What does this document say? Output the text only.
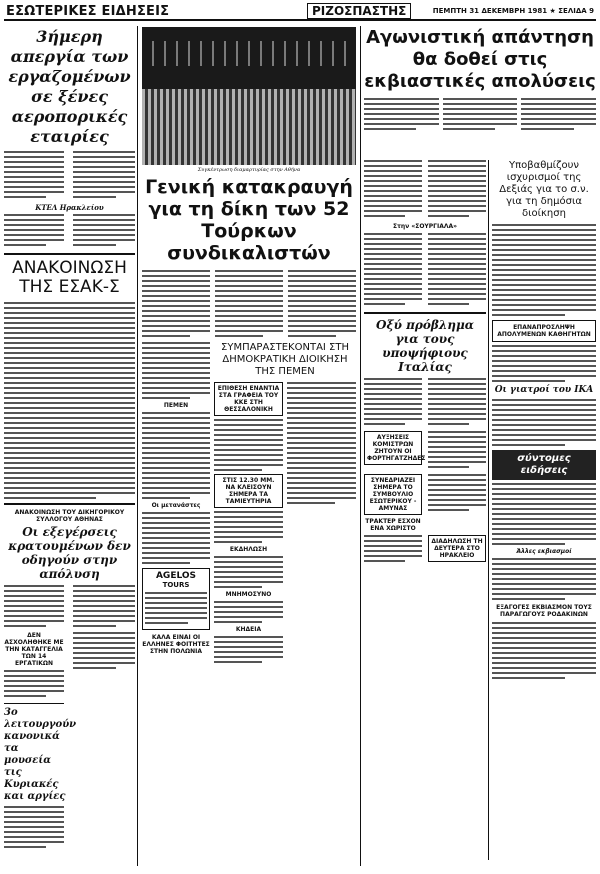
ΕΣΩΤΕΡΙΚΕΣ ΕΙΔΗΣΕΙΣ	ΡΙΖΟΣΠΑΣΤΗΣ	ΠΕΜΠΤΗ 31 ΔΕΚΕΜΒΡΗ 1981 ★ ΣΕΛΙΔΑ 9
3ήμερη απεργία των εργαζομένων σε ξένες αεροπορικές εταιρίες
ΚΤΕΛ Ηρακλείου
ΑΝΑΚΟΙΝΩΣΗ ΤΗΣ ΕΣΑΚ-Σ
ΑΝΑΚΟΙΝΩΣΗ ΤΟΥ ΔΙΚΗΓΟΡΙΚΟΥ ΣΥΛΛΟΓΟΥ ΑΘΗΝΑΣ
Οι εξεγέρσεις κρατουμένων δεν οδηγούν στην απόλυση
ΔΕΝ ΑΣΧΟΛΗΘΗΚΕ ΜΕ ΤΗΝ ΚΑΤΑΓΓΕΛΙΑ ΤΩΝ 14 ΕΡΓΑΤΙΚΩΝ
3ο λειτουργούν κανονικά τα μουσεία τις Κυριακές και αργίες
Συγκέντρωση διαμαρτυρίας στην Αθήνα
Γενική κατακραυγή για τη δίκη των 52 Τούρκων συνδικαλιστών
ΠΕΜΕΝ
Οι μετανάστες
AGELOS
TOURS
ΚΑΛΑ ΕΙΝΑΙ ΟΙ ΕΛΛΗΝΕΣ ΦΟΙΤΗΤΕΣ ΣΤΗΝ ΠΟΛΩΝΙΑ
ΣΥΜΠΑΡΑΣΤΕΚΟΝΤΑΙ ΣΤΗ ΔΗΜΟΚΡΑΤΙΚΗ ΔΙΟΙΚΗΣΗ ΤΗΣ ΠΕΜΕΝ
ΕΠΙΘΕΣΗ ΕΝΑΝΤΙΑ ΣΤΑ ΓΡΑΦΕΙΑ ΤΟΥ ΚΚΕ ΣΤΗ ΘΕΣΣΑΛΟΝΙΚΗ
ΣΤΙΣ 12.30 ΜΜ. ΝΑ ΚΛΕΙΣΟΥΝ ΣΗΜΕΡΑ ΤΑ ΤΑΜΙΕΥΤΗΡΙΑ
ΕΚΔΗΛΩΣΗ
ΜΝΗΜΟΣΥΝΟ
ΚΗΔΕΙΑ
Αγωνιστική απάντηση θα δοθεί στις εκβιαστικές απολύσεις
Στην «ΣΟΥΡΓΙΑΛΑ»
Οξύ πρόβλημα για τους υποψήφιους Ιταλίας
ΑΥΞΗΣΕΙΣ ΚΟΜΙΣΤΡΩΝ ΖΗΤΟΥΝ ΟΙ ΦΟΡΤΗΓΑΤΖΗΔΕΣ
ΣΥΝΕΔΡΙΑΖΕΙ ΣΗΜΕΡΑ ΤΟ ΣΥΜΒΟΥΛΙΟ ΕΣΩΤΕΡΙΚΟΥ - ΑΜΥΝΑΣ
ΤΡΑΚΤΕΡ ΕΣΧΟΝ ΕΝΑ ΧΩΡΙΣΤΟ
ΔΙΑΔΗΛΩΣΗ ΤΗ ΔΕΥΤΕΡΑ ΣΤΟ ΗΡΑΚΛΕΙΟ
Υποβαθμίζουν ισχυρισμοί της Δεξιάς για το σ.ν. για τη δημόσια διοίκηση
ΕΠΑΝΑΠΡΟΣΛΗΨΗ ΑΠΟΛΥΜΕΝΩΝ ΚΑΘΗΓΗΤΩΝ
Οι γιατροί του ΙΚΑ
σύντομες ειδήσεις
Άλλες εκβιασμοί
ΕΞΑΓΟΓΕΣ ΕΚΒΙΑΣΜΟΝ ΤΟΥΣ ΠΑΡΑΓΩΓΟΥΣ ΡΟΔΑΚΙΝΩΝ
